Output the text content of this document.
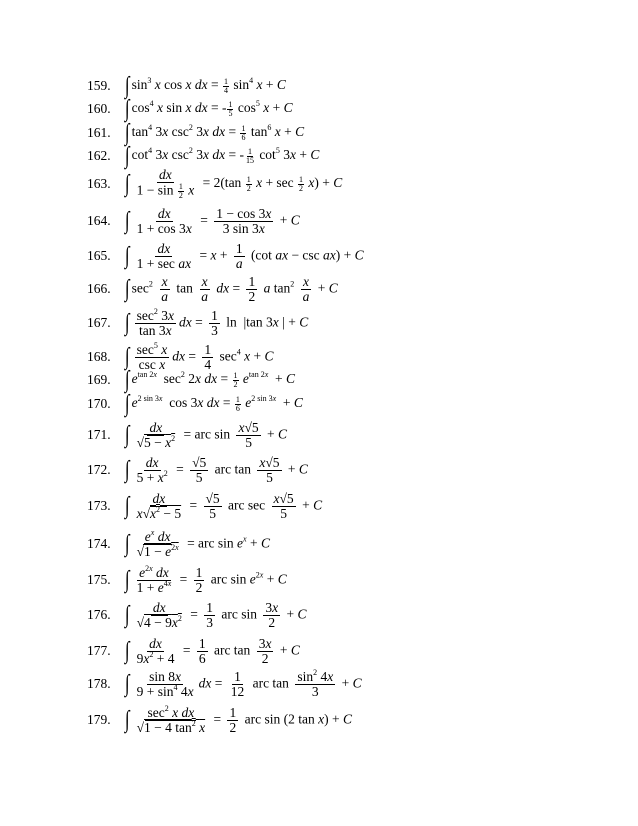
159. ∫ $\sin^3 x$ cos x dx = $\frac{1}{4} \sin^4 x + C$
160. ∫ $\cos^4 x$ sin x dx = - $\frac{1}{5} \cos^5 x + C$
161. ∫ $\tan^4 3x$ $\csc^2 3x$ dx = $\frac{1}{6} \tan^6 x + C$
162. ∫ $\cot^4 3x$ $\csc^2 3x$ dx = - $\frac{1}{15} \cot^5 3x + C$
163. ∫ $\frac{dx}{1 - \sin \frac{1}{2} x} = 2(\tan \frac{1}{2}$ $x + \sec \frac{1}{2} x) + C$
164. ∫ $\frac{dx}{1 + \cos 3x} = \frac{1 - \cos 3x}{3 \sin 3x} + C$
165. ∫ $\frac{dx}{\text{1 + sec ax}} = x + \frac{1}{a} (\cot$ ax − csc ax) + C
166. ∫ $\sec^2 \frac{x}{a}$ $\tan \frac{x}{a}$ dx = $\frac{1}{2}$ a $\tan^2 \frac{x}{a} + C$
167. ∫ $\frac{\sec^2 3x}{\tan 3x}$ dx = $\frac{1}{3}$ ln  |tan 3x | + C
168. ∫ $\frac{\sec^5 x}{\text{csc x}}$ dx = $\frac{1}{4} \sec^4 x + C$
169. ∫ $e^{tan 2x}$  $\sec^2 2x$ dx = $\frac{1}{2} e^{tan 2x} + C$
170. ∫ $e^{2 sin 3x}$  cos 3x dx = $\frac{1}{6} e^{2 sin 3x} + C$
171. ∫ $\frac{dx}{√5 - x^2}$ = arc $\sin \frac{x√5}{5} + C$
172. ∫ $\frac{dx}{5 + x^2} = \frac{√5}{5}$ arc $\tan \frac{x√5}{5} + C$
173. ∫ $\frac{dx}{x√x^2 - 5} = \frac{√5}{5}$ arc $\sec \frac{x√5}{5} + C$
174. ∫ $\frac{e^x dx}{√1 - e^{2x}}$ = arc $\sin e^x + C$
175. ∫ $\frac{e^{2x} dx}{1 + e^{4x}} = \frac{1}{2}$ arc $\sin e^{2x} + C$
176. ∫ $\frac{dx}{√4 - 9x^2} = \frac{1}{3}$ arc $\sin \frac{3x}{2} + C$
177. ∫ $\frac{dx}{9x^2 + 4} = \frac{1}{6}$ arc $\tan \frac{3x}{2} + C$
178. ∫ $\frac{\sin 8x}{9 + \sin^4 4x}$ dx = $\frac{1}{12}$ arc $\tan \frac{\sin^2 4x}{3} + C$
179. ∫ $\frac{\sec^2 x dx}{√1 - 4 \tan^2 x} = \frac{1}{2}$ arc sin (2 tan x) + C
